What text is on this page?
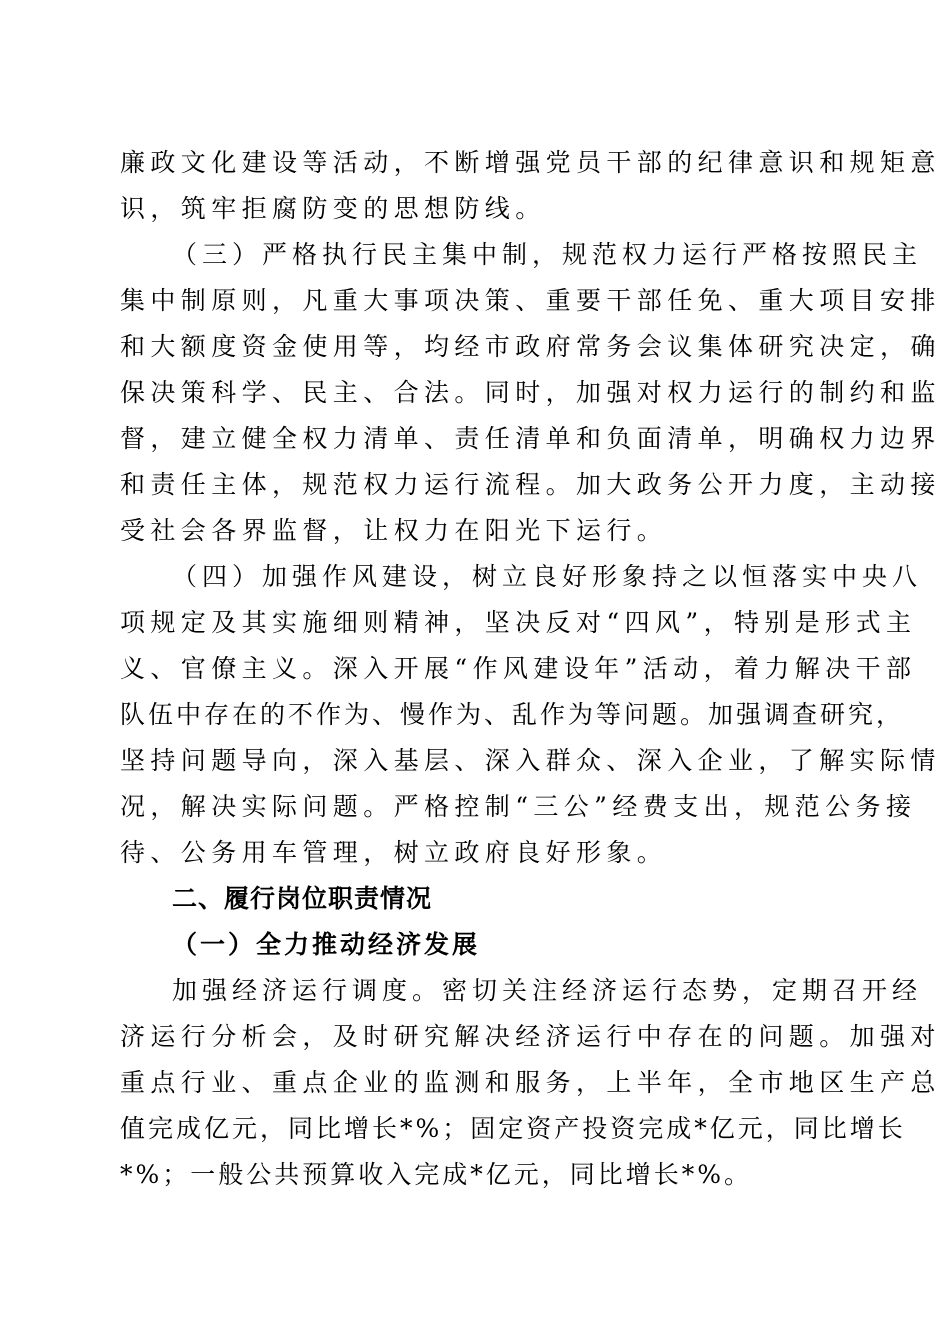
廉政文化建设等活动，不断增强党员干部的纪律意识和规矩意

识，筑牢拒腐防变的思想防线。

（三）严格执行民主集中制，规范权力运行严格按照民主

集中制原则，凡重大事项决策、重要干部任免、重大项目安排

和大额度资金使用等，均经市政府常务会议集体研究决定，确

保决策科学、民主、合法。同时，加强对权力运行的制约和监

督，建立健全权力清单、责任清单和负面清单，明确权力边界

和责任主体，规范权力运行流程。加大政务公开力度，主动接

受社会各界监督，让权力在阳光下运行。

（四）加强作风建设，树立良好形象持之以恒落实中央八

项规定及其实施细则精神，坚决反对“四风”，特别是形式主

义、官僚主义。深入开展“作风建设年”活动，着力解决干部

队伍中存在的不作为、慢作为、乱作为等问题。加强调查研究，

坚持问题导向，深入基层、深入群众、深入企业，了解实际情

况，解决实际问题。严格控制“三公”经费支出，规范公务接

待、公务用车管理，树立政府良好形象。

二、履行岗位职责情况

（一）全力推动经济发展

加强经济运行调度。密切关注经济运行态势，定期召开经

济运行分析会，及时研究解决经济运行中存在的问题。加强对

重点行业、重点企业的监测和服务，上半年，全市地区生产总

值完成亿元，同比增长*%；固定资产投资完成*亿元，同比增长

*%；一般公共预算收入完成*亿元，同比增长*%。
